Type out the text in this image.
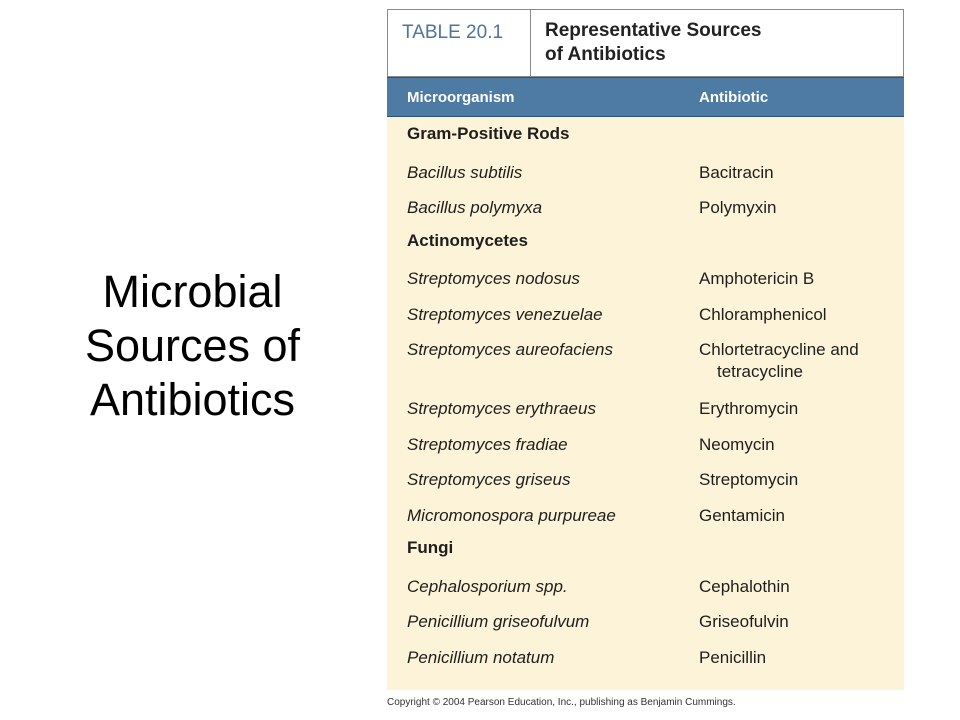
Microbial
Sources of
Antibiotics
TABLE 20.1 Representative Sources
of Antibiotics
Microorganism	Antibiotic
Gram-Positive Rods
Bacillus subtilis	Bacitracin
Bacillus polymyxa	Polymyxin
Actinomycetes
Streptomyces nodosus	Amphotericin B
Streptomyces venezuelae	Chloramphenicol
Streptomyces aureofaciens	Chlortetracycline and
tetracycline
Streptomyces erythraeus	Erythromycin
Streptomyces fradiae	Neomycin
Streptomyces griseus	Streptomycin
Micromonospora purpureae	Gentamicin
Fungi
Cephalosporium spp.	Cephalothin
Penicillium griseofulvum	Griseofulvin
Penicillium notatum	Penicillin
Copyright © 2004 Pearson Education, Inc., publishing as Benjamin Cummings.
